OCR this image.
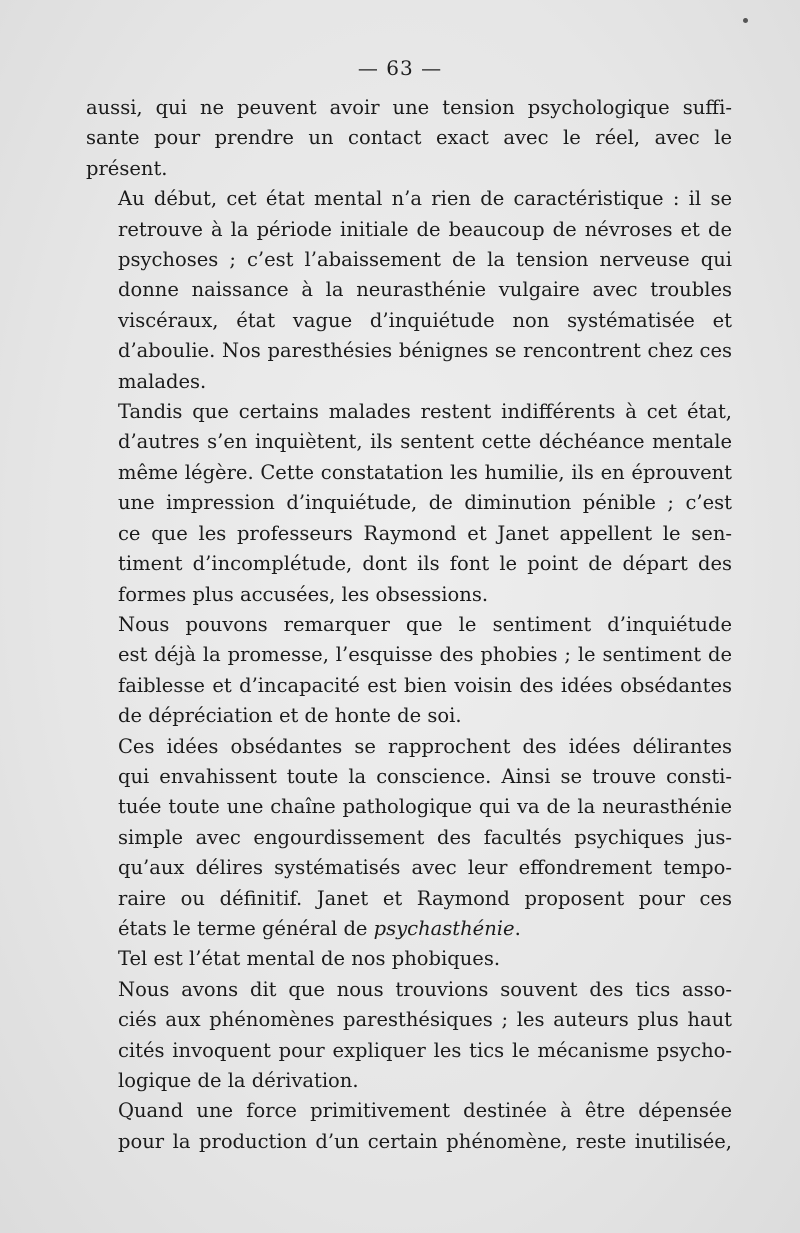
— 63 —

aussi, qui ne peuvent avoir une tension psychologique suffi-
sante pour prendre un contact exact avec le réel, avec le
présent.

Au début, cet état mental n’a rien de caractéristique : il se
retrouve à la période initiale de beaucoup de névroses et de
psychoses ; c’est l’abaissement de la tension nerveuse qui
donne naissance à la neurasthénie vulgaire avec troubles
viscéraux, état vague d’inquiétude non systématisée et
d’aboulie. Nos paresthésies bénignes se rencontrent chez ces
malades.

Tandis que certains malades restent indifférents à cet état,
d’autres s’en inquiètent, ils sentent cette déchéance mentale
même légère. Cette constatation les humilie, ils en éprouvent
une impression d’inquiétude, de diminution pénible ; c’est
ce que les professeurs Raymond et Janet appellent le sen-
timent d’incomplétude, dont ils font le point de départ des
formes plus accusées, les obsessions.

Nous pouvons remarquer que le sentiment d’inquiétude
est déjà la promesse, l’esquisse des phobies ; le sentiment de
faiblesse et d’incapacité est bien voisin des idées obsédantes
de dépréciation et de honte de soi.

Ces idées obsédantes se rapprochent des idées délirantes
qui envahissent toute la conscience. Ainsi se trouve consti-
tuée toute une chaîne pathologique qui va de la neurasthénie
simple avec engourdissement des facultés psychiques jus-
qu’aux délires systématisés avec leur effondrement tempo-
raire ou définitif. Janet et Raymond proposent pour ces
états le terme général de psychasthénie.

Tel est l’état mental de nos phobiques.

Nous avons dit que nous trouvions souvent des tics asso-
ciés aux phénomènes paresthésiques ; les auteurs plus haut
cités invoquent pour expliquer les tics le mécanisme psycho-
logique de la dérivation.

Quand une force primitivement destinée à être dépensée
pour la production d’un certain phénomène, reste inutilisée,
